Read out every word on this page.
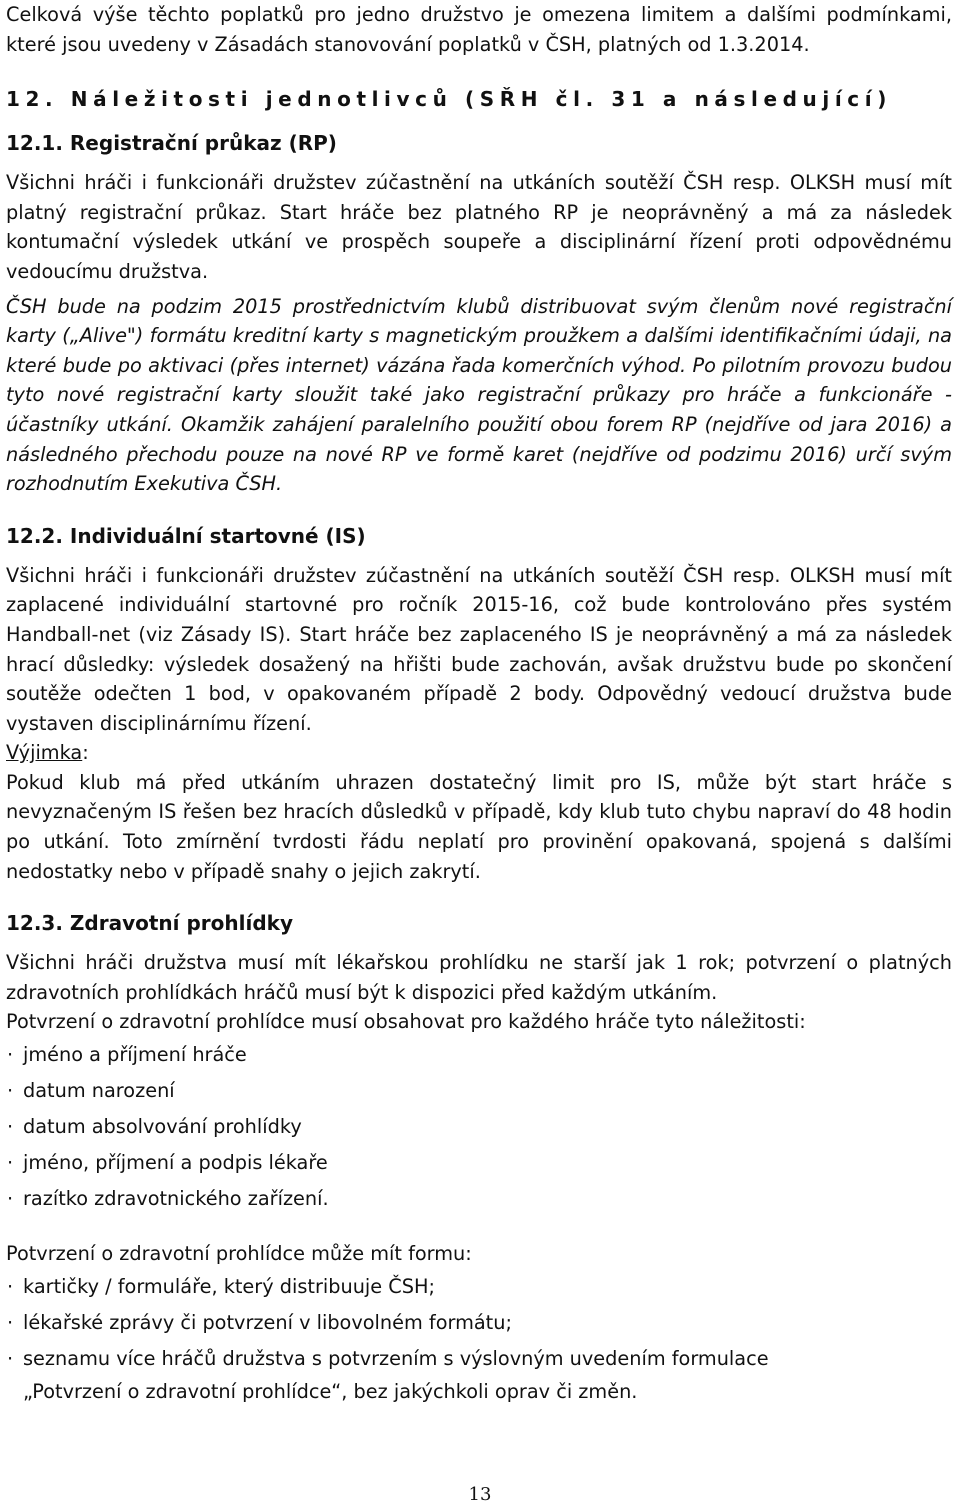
Celková výše těchto poplatků pro jedno družstvo je omezena limitem a dalšími podmínkami, které jsou uvedeny v Zásadách stanovování poplatků v ČSH, platných od 1.3.2014.

12. Náležitosti jednotlivců (SŘH čl. 31 a následující)
12.1. Registrační průkaz (RP)

Všichni hráči i funkcionáři družstev zúčastnění na utkáních soutěží ČSH resp. OLKSH musí mít platný registrační průkaz. Start hráče bez platného RP je neoprávněný a má za následek kontumační výsledek utkání ve prospěch soupeře a disciplinární řízení proti odpovědnému vedoucímu družstva.

ČSH bude na podzim 2015 prostřednictvím klubů distribuovat svým členům nové registrační karty („Alive") formátu kreditní karty s magnetickým proužkem a dalšími identifikačními údaji, na které bude po aktivaci (přes internet) vázána řada komerčních výhod. Po pilotním provozu budou tyto nové registrační karty sloužit také jako registrační průkazy pro hráče a funkcionáře - účastníky utkání. Okamžik zahájení paralelního použití obou forem RP (nejdříve od jara 2016) a následného přechodu pouze na nové RP ve formě karet (nejdříve od podzimu 2016) určí svým rozhodnutím Exekutiva ČSH.

12.2. Individuální startovné (IS)

Všichni hráči i funkcionáři družstev zúčastnění na utkáních soutěží ČSH resp. OLKSH musí mít zaplacené individuální startovné pro ročník 2015-16, což bude kontrolováno přes systém Handball-net (viz Zásady IS). Start hráče bez zaplaceného IS je neoprávněný a má za následek hrací důsledky: výsledek dosažený na hřišti bude zachován, avšak družstvu bude po skončení soutěže odečten 1 bod, v opakovaném případě 2 body. Odpovědný vedoucí družstva bude vystaven disciplinárnímu řízení.

Výjimka:

Pokud klub má před utkáním uhrazen dostatečný limit pro IS, může být start hráče s nevyznačeným IS řešen bez hracích důsledků v případě, kdy klub tuto chybu napraví do 48 hodin po utkání. Toto zmírnění tvrdosti řádu neplatí pro provinění opakovaná, spojená s dalšími nedostatky nebo v případě snahy o jejich zakrytí.

12.3. Zdravotní prohlídky

Všichni hráči družstva musí mít lékařskou prohlídku ne starší jak 1 rok; potvrzení o platných zdravotních prohlídkách hráčů musí být k dispozici před každým utkáním.

Potvrzení o zdravotní prohlídce musí obsahovat pro každého hráče tyto náležitosti:

· jméno a příjmení hráče
· datum narození
· datum absolvování prohlídky
· jméno, příjmení a podpis lékaře
· razítko zdravotnického zařízení.

Potvrzení o zdravotní prohlídce může mít formu:

· kartičky / formuláře, který distribuuje ČSH;
· lékařské zprávy či potvrzení v libovolném formátu;
· seznamu více hráčů družstva s potvrzením s výslovným uvedením formulace

„Potvrzení o zdravotní prohlídce“, bez jakýchkoli oprav či změn.

13
